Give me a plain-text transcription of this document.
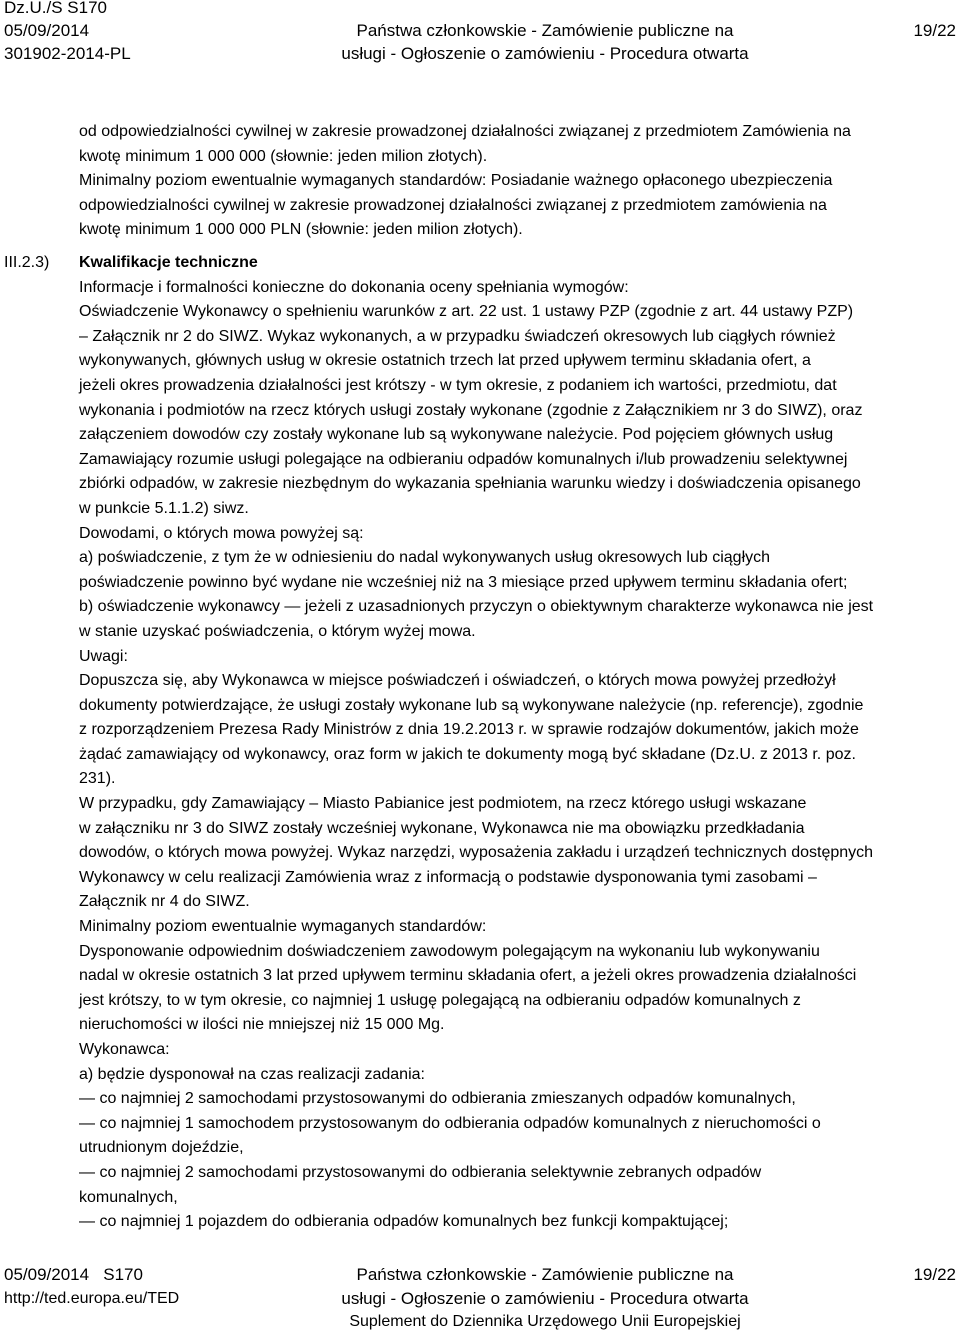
Dz.U./S S170
05/09/2014
301902-2014-PL
Państwa członkowskie - Zamówienie publiczne na
usługi - Ogłoszenie o zamówieniu - Procedura otwarta
19/22
od odpowiedzialności cywilnej w zakresie prowadzonej działalności związanej z przedmiotem Zamówienia na
kwotę minimum 1 000 000 (słownie: jeden milion złotych).
Minimalny poziom ewentualnie wymaganych standardów: Posiadanie ważnego opłaconego ubezpieczenia
odpowiedzialności cywilnej w zakresie prowadzonej działalności związanej z przedmiotem zamówienia na
kwotę minimum 1 000 000 PLN (słownie: jeden milion złotych).
III.2.3)	Kwalifikacje techniczne
Informacje i formalności konieczne do dokonania oceny spełniania wymogów:
Oświadczenie Wykonawcy o spełnieniu warunków z art. 22 ust. 1 ustawy PZP (zgodnie z art. 44 ustawy PZP)
– Załącznik nr 2 do SIWZ. Wykaz wykonanych, a w przypadku świadczeń okresowych lub ciągłych również
wykonywanych, głównych usług w okresie ostatnich trzech lat przed upływem terminu składania ofert, a
jeżeli okres prowadzenia działalności jest krótszy - w tym okresie, z podaniem ich wartości, przedmiotu, dat
wykonania i podmiotów na rzecz których usługi zostały wykonane (zgodnie z Załącznikiem nr 3 do SIWZ), oraz
załączeniem dowodów czy zostały wykonane lub są wykonywane należycie. Pod pojęciem głównych usług
Zamawiający rozumie usługi polegające na odbieraniu odpadów komunalnych i/lub prowadzeniu selektywnej
zbiórki odpadów, w zakresie niezbędnym do wykazania spełniania warunku wiedzy i doświadczenia opisanego
w punkcie 5.1.1.2) siwz.
Dowodami, o których mowa powyżej są:
a) poświadczenie, z tym że w odniesieniu do nadal wykonywanych usług okresowych lub ciągłych
poświadczenie powinno być wydane nie wcześniej niż na 3 miesiące przed upływem terminu składania ofert;
b) oświadczenie wykonawcy — jeżeli z uzasadnionych przyczyn o obiektywnym charakterze wykonawca nie jest
w stanie uzyskać poświadczenia, o którym wyżej mowa.
Uwagi:
Dopuszcza się, aby Wykonawca w miejsce poświadczeń i oświadczeń, o których mowa powyżej przedłożył
dokumenty potwierdzające, że usługi zostały wykonane lub są wykonywane należycie (np. referencje), zgodnie
z rozporządzeniem Prezesa Rady Ministrów z dnia 19.2.2013 r. w sprawie rodzajów dokumentów, jakich może
żądać zamawiający od wykonawcy, oraz form w jakich te dokumenty mogą być składane (Dz.U. z 2013 r. poz.
231).
W przypadku, gdy Zamawiający – Miasto Pabianice jest podmiotem, na rzecz którego usługi wskazane
w załączniku nr 3 do SIWZ zostały wcześniej wykonane, Wykonawca nie ma obowiązku przedkładania
dowodów, o których mowa powyżej. Wykaz narzędzi, wyposażenia zakładu i urządzeń technicznych dostępnych
Wykonawcy w celu realizacji Zamówienia wraz z informacją o podstawie dysponowania tymi zasobami –
Załącznik nr 4 do SIWZ.
Minimalny poziom ewentualnie wymaganych standardów:
Dysponowanie odpowiednim doświadczeniem zawodowym polegającym na wykonaniu lub wykonywaniu
nadal w okresie ostatnich 3 lat przed upływem terminu składania ofert, a jeżeli okres prowadzenia działalności
jest krótszy, to w tym okresie, co najmniej 1 usługę polegającą na odbieraniu odpadów komunalnych z
nieruchomości w ilości nie mniejszej niż 15 000 Mg.
Wykonawca:
a) będzie dysponował na czas realizacji zadania:
— co najmniej 2 samochodami przystosowanymi do odbierania zmieszanych odpadów komunalnych,
— co najmniej 1 samochodem przystosowanym do odbierania odpadów komunalnych z nieruchomości o
utrudnionym dojeździe,
— co najmniej 2 samochodami przystosowanymi do odbierania selektywnie zebranych odpadów
komunalnych,
— co najmniej 1 pojazdem do odbierania odpadów komunalnych bez funkcji kompaktującej;
05/09/2014 S170
http://ted.europa.eu/TED
Państwa członkowskie - Zamówienie publiczne na
usługi - Ogłoszenie o zamówieniu - Procedura otwarta
Suplement do Dziennika Urzędowego Unii Europejskiej
19/22
